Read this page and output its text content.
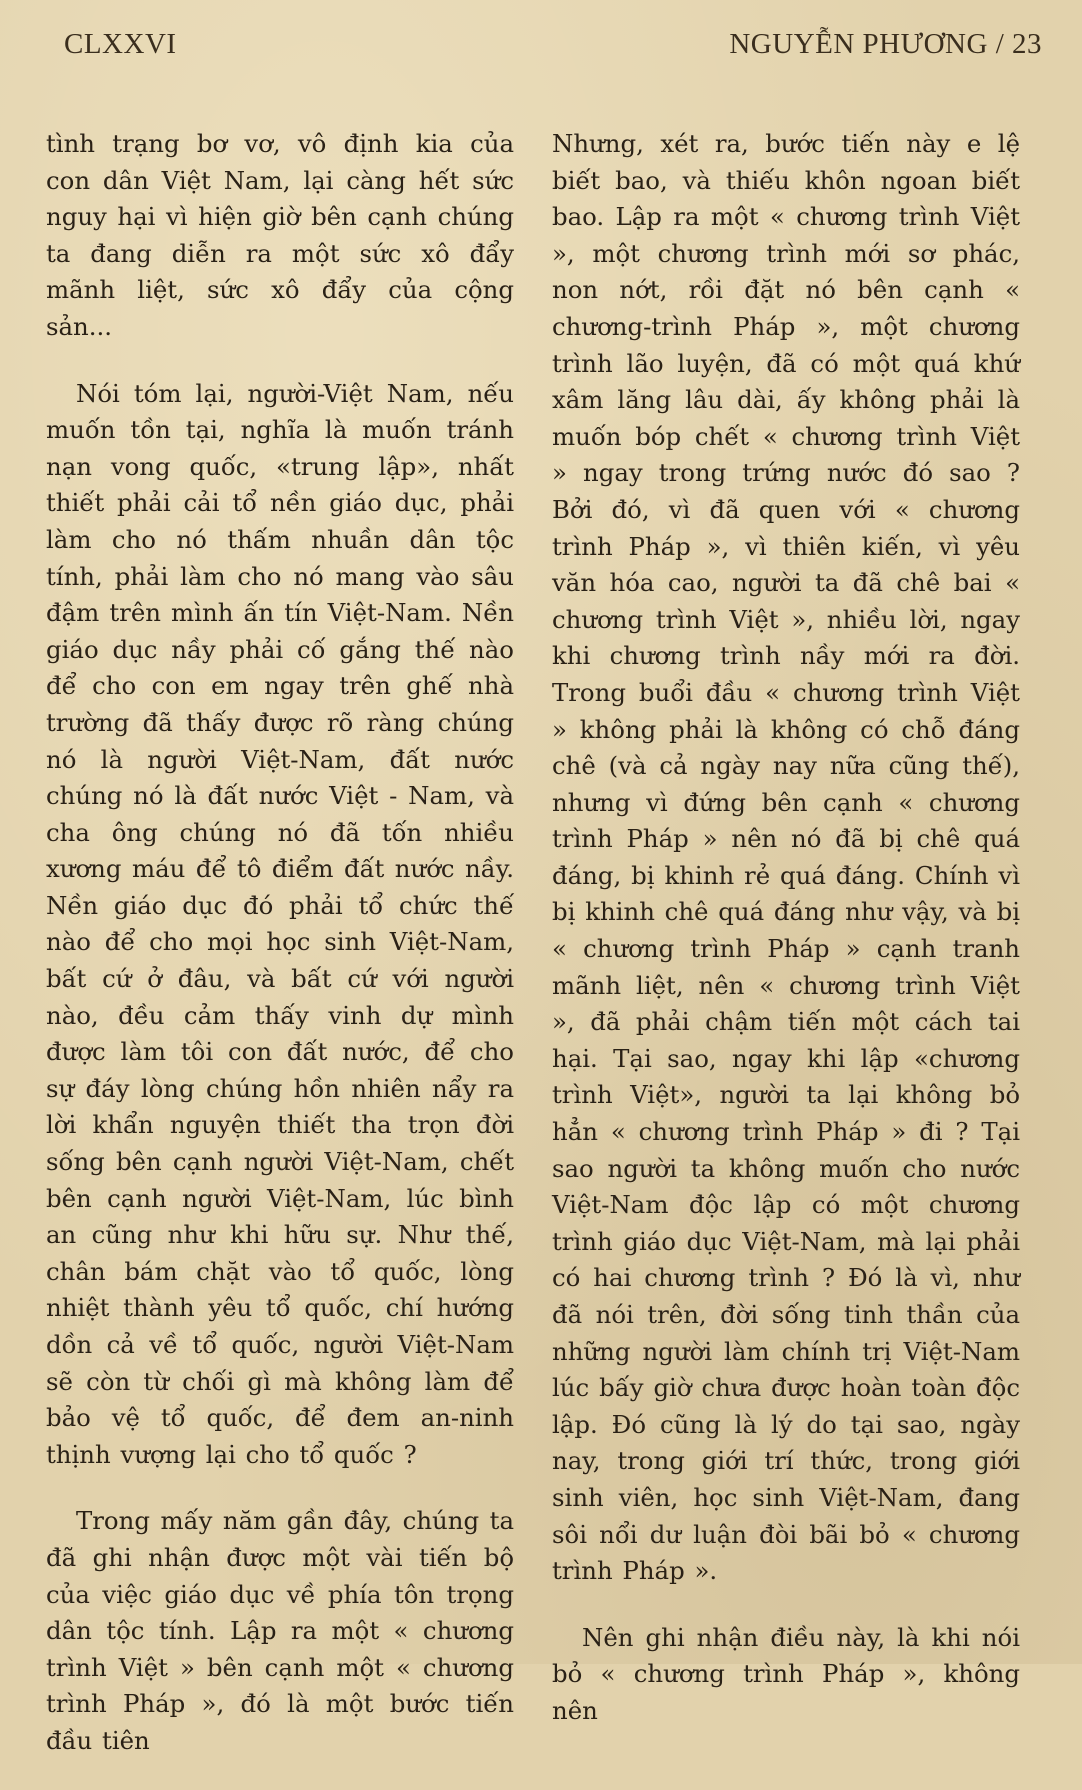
CLXXVI	NGUYỄN PHƯƠNG / 23

tình trạng bơ vơ, vô định kia của con dân Việt Nam, lại càng hết sức nguy hại vì hiện giờ bên cạnh chúng ta đang diễn ra một sức xô đẩy mãnh liệt, sức xô đẩy của cộng sản...

Nói tóm lại, người-Việt Nam, nếu muốn tồn tại, nghĩa là muốn tránh nạn vong quốc, «trung lập», nhất thiết phải cải tổ nền giáo dục, phải làm cho nó thấm nhuần dân tộc tính, phải làm cho nó mang vào sâu đậm trên mình ấn tín Việt-Nam. Nền giáo dục nầy phải cố gắng thế nào để cho con em ngay trên ghế nhà trường đã thấy được rõ ràng chúng nó là người Việt-Nam, đất nước chúng nó là đất nước Việt - Nam, và cha ông chúng nó đã tốn nhiều xương máu để tô điểm đất nước nầy. Nền giáo dục đó phải tổ chức thế nào để cho mọi học sinh Việt-Nam, bất cứ ở đâu, và bất cứ với người nào, đều cảm thấy vinh dự mình được làm tôi con đất nước, để cho sự đáy lòng chúng hồn nhiên nẩy ra lời khẩn nguyện thiết tha trọn đời sống bên cạnh người Việt-Nam, chết bên cạnh người Việt-Nam, lúc bình an cũng như khi hữu sự. Như thế, chân bám chặt vào tổ quốc, lòng nhiệt thành yêu tổ quốc, chí hướng dồn cả về tổ quốc, người Việt-Nam sẽ còn từ chối gì mà không làm để bảo vệ tổ quốc, để đem an-ninh thịnh vượng lại cho tổ quốc ?

Trong mấy năm gần đây, chúng ta đã ghi nhận được một vài tiến bộ của việc giáo dục về phía tôn trọng dân tộc tính. Lập ra một « chương trình Việt » bên cạnh một « chương trình Pháp », đó là một bước tiến đầu tiên

Nhưng, xét ra, bước tiến này e lệ biết bao, và thiếu khôn ngoan biết bao. Lập ra một « chương trình Việt », một chương trình mới sơ phác, non nớt, rồi đặt nó bên cạnh « chương-trình Pháp », một chương trình lão luyện, đã có một quá khứ xâm lăng lâu dài, ấy không phải là muốn bóp chết « chương trình Việt » ngay trong trứng nước đó sao ? Bởi đó, vì đã quen với « chương trình Pháp », vì thiên kiến, vì yêu văn hóa cao, người ta đã chê bai « chương trình Việt », nhiều lời, ngay khi chương trình nầy mới ra đời. Trong buổi đầu « chương trình Việt » không phải là không có chỗ đáng chê (và cả ngày nay nữa cũng thế), nhưng vì đứng bên cạnh « chương trình Pháp » nên nó đã bị chê quá đáng, bị khinh rẻ quá đáng. Chính vì bị khinh chê quá đáng như vậy, và bị « chương trình Pháp » cạnh tranh mãnh liệt, nên « chương trình Việt », đã phải chậm tiến một cách tai hại. Tại sao, ngay khi lập «chương trình Việt», người ta lại không bỏ hẳn « chương trình Pháp » đi ? Tại sao người ta không muốn cho nước Việt-Nam độc lập có một chương trình giáo dục Việt-Nam, mà lại phải có hai chương trình ? Đó là vì, như đã nói trên, đời sống tinh thần của những người làm chính trị Việt-Nam lúc bấy giờ chưa được hoàn toàn độc lập. Đó cũng là lý do tại sao, ngày nay, trong giới trí thức, trong giới sinh viên, học sinh Việt-Nam, đang sôi nổi dư luận đòi bãi bỏ « chương trình Pháp ».

Nên ghi nhận điều này, là khi nói bỏ « chương trình Pháp », không nên
